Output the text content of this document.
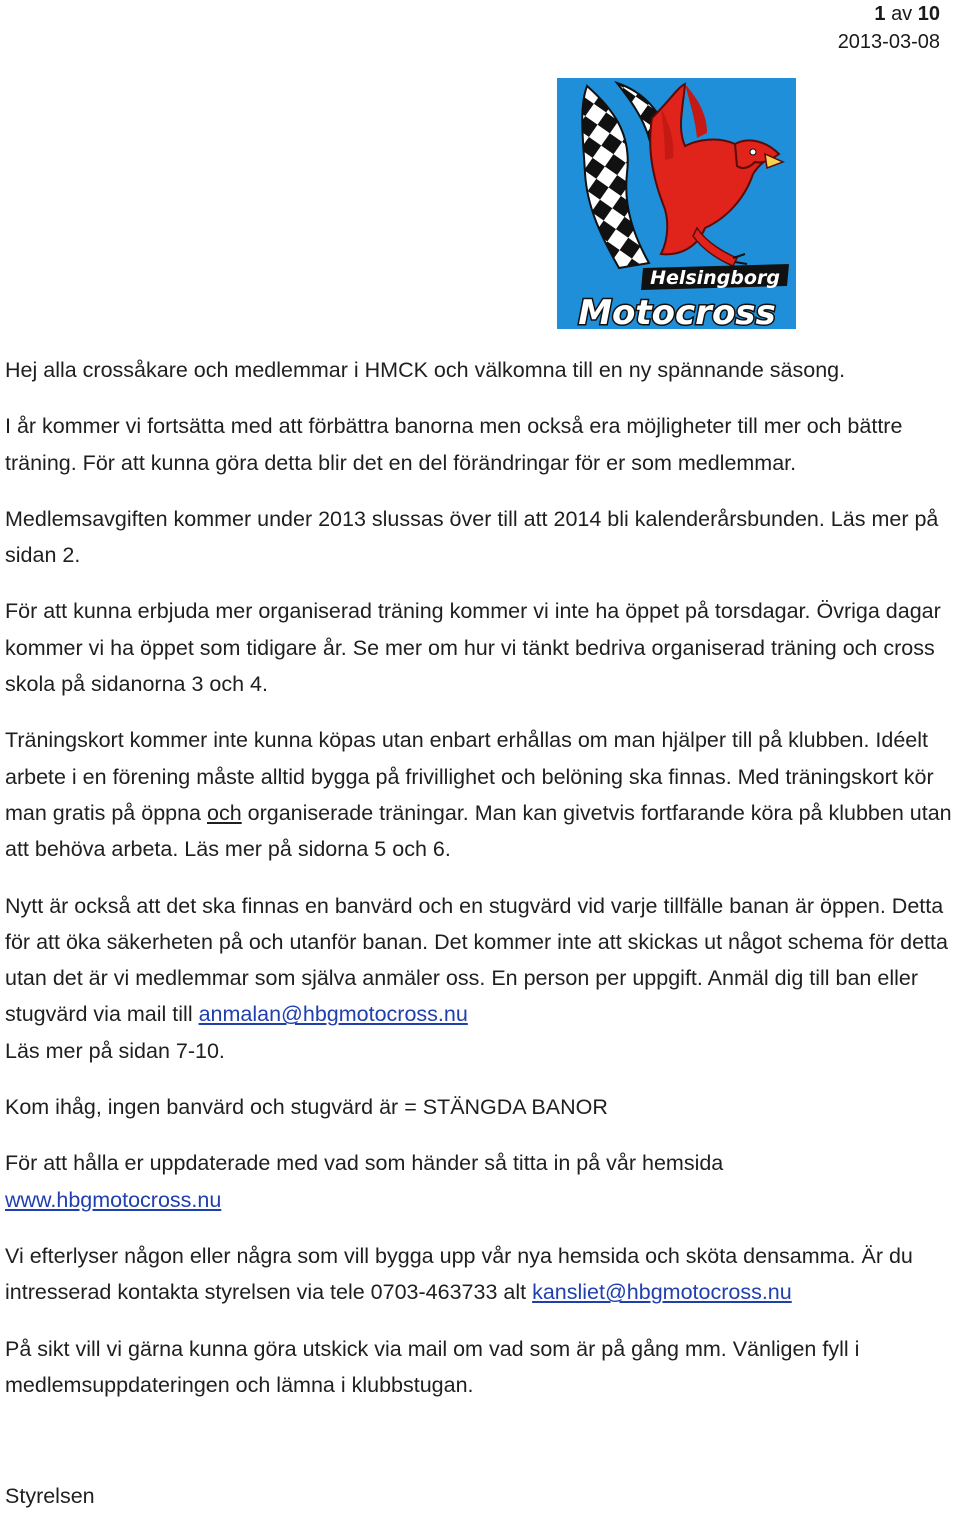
1 av 10
2013-03-08
Helsingborg
Motocross

Hej alla crossåkare och medlemmar i HMCK och välkomna till en ny spännande säsong.

I år kommer vi fortsätta med att förbättra banorna men också era möjligheter till mer och bättre träning. För att kunna göra detta blir det en del förändringar för er som medlemmar.

Medlemsavgiften kommer under 2013 slussas över till att 2014 bli kalenderårsbunden. Läs mer på sidan 2.

För att kunna erbjuda mer organiserad träning kommer vi inte ha öppet på torsdagar. Övriga dagar kommer vi ha öppet som tidigare år. Se mer om hur vi tänkt bedriva organiserad träning och cross skola på sidanorna 3 och 4.

Träningskort kommer inte kunna köpas utan enbart erhållas om man hjälper till på klubben. Idéelt arbete i en förening måste alltid bygga på frivillighet och belöning ska finnas. Med träningskort kör man gratis på öppna och organiserade träningar. Man kan givetvis fortfarande köra på klubben utan att behöva arbeta. Läs mer på sidorna 5 och 6.

Nytt är också att det ska finnas en banvärd och en stugvärd vid varje tillfälle banan är öppen. Detta för att öka säkerheten på och utanför banan. Det kommer inte att skickas ut något schema för detta utan det är vi medlemmar som själva anmäler oss. En person per uppgift. Anmäl dig till ban eller stugvärd via mail till anmalan@hbgmotocross.nu
Läs mer på sidan 7-10.

Kom ihåg, ingen banvärd och stugvärd är = STÄNGDA BANOR

För att hålla er uppdaterade med vad som händer så titta in på vår hemsida
www.hbgmotocross.nu

Vi efterlyser någon eller några som vill bygga upp vår nya hemsida och sköta densamma. Är du intresserad kontakta styrelsen via tele 0703-463733 alt kansliet@hbgmotocross.nu

På sikt vill vi gärna kunna göra utskick via mail om vad som är på gång mm. Vänligen fyll i medlemsuppdateringen och lämna i klubbstugan.

Styrelsen
